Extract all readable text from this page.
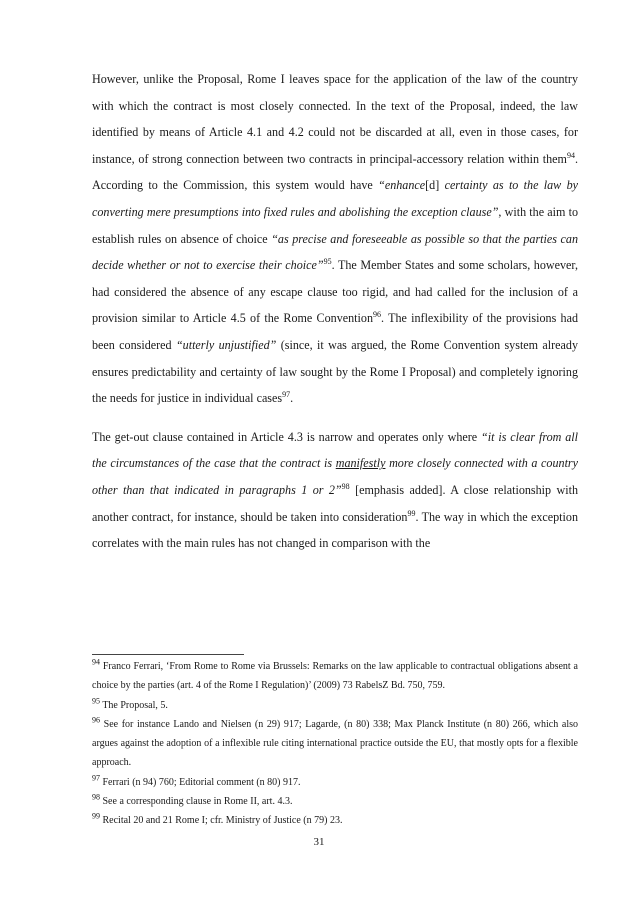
However, unlike the Proposal, Rome I leaves space for the application of the law of the country with which the contract is most closely connected. In the text of the Proposal, indeed, the law identified by means of Article 4.1 and 4.2 could not be discarded at all, even in those cases, for instance, of strong connection between two contracts in principal-accessory relation within them$^{94}$. According to the Commission, this system would have “enhance[d] certainty as to the law by converting mere presumptions into fixed rules and abolishing the exception clause”, with the aim to establish rules on absence of choice “as precise and foreseeable as possible so that the parties can decide whether or not to exercise their choice”$^{95}$. The Member States and some scholars, however, had considered the absence of any escape clause too rigid, and had called for the inclusion of a provision similar to Article 4.5 of the Rome Convention$^{96}$. The inflexibility of the provisions had been considered “utterly unjustified” (since, it was argued, the Rome Convention system already ensures predictability and certainty of law sought by the Rome I Proposal) and completely ignoring the needs for justice in individual cases$^{97}$.

The get-out clause contained in Article 4.3 is narrow and operates only where “it is clear from all the circumstances of the case that the contract is manifestly more closely connected with a country other than that indicated in paragraphs 1 or 2”$^{98}$ [emphasis added]. A close relationship with another contract, for instance, should be taken into consideration$^{99}$. The way in which the exception correlates with the main rules has not changed in comparison with the

$^{94}$ Franco Ferrari, ‘From Rome to Rome via Brussels: Remarks on the law applicable to contractual obligations absent a choice by the parties (art. 4 of the Rome I Regulation)’ (2009) 73 RabelsZ Bd. 750, 759.

$^{95}$ The Proposal, 5.

$^{96}$ See for instance Lando and Nielsen (n 29) 917; Lagarde, (n 80) 338; Max Planck Institute (n 80) 266, which also argues against the adoption of a inflexible rule citing international practice outside the EU, that mostly opts for a flexible approach.

$^{97}$ Ferrari (n 94) 760; Editorial comment (n 80) 917.

$^{98}$ See a corresponding clause in Rome II, art. 4.3.

$^{99}$ Recital 20 and 21 Rome I; cfr. Ministry of Justice (n 79) 23.

31
